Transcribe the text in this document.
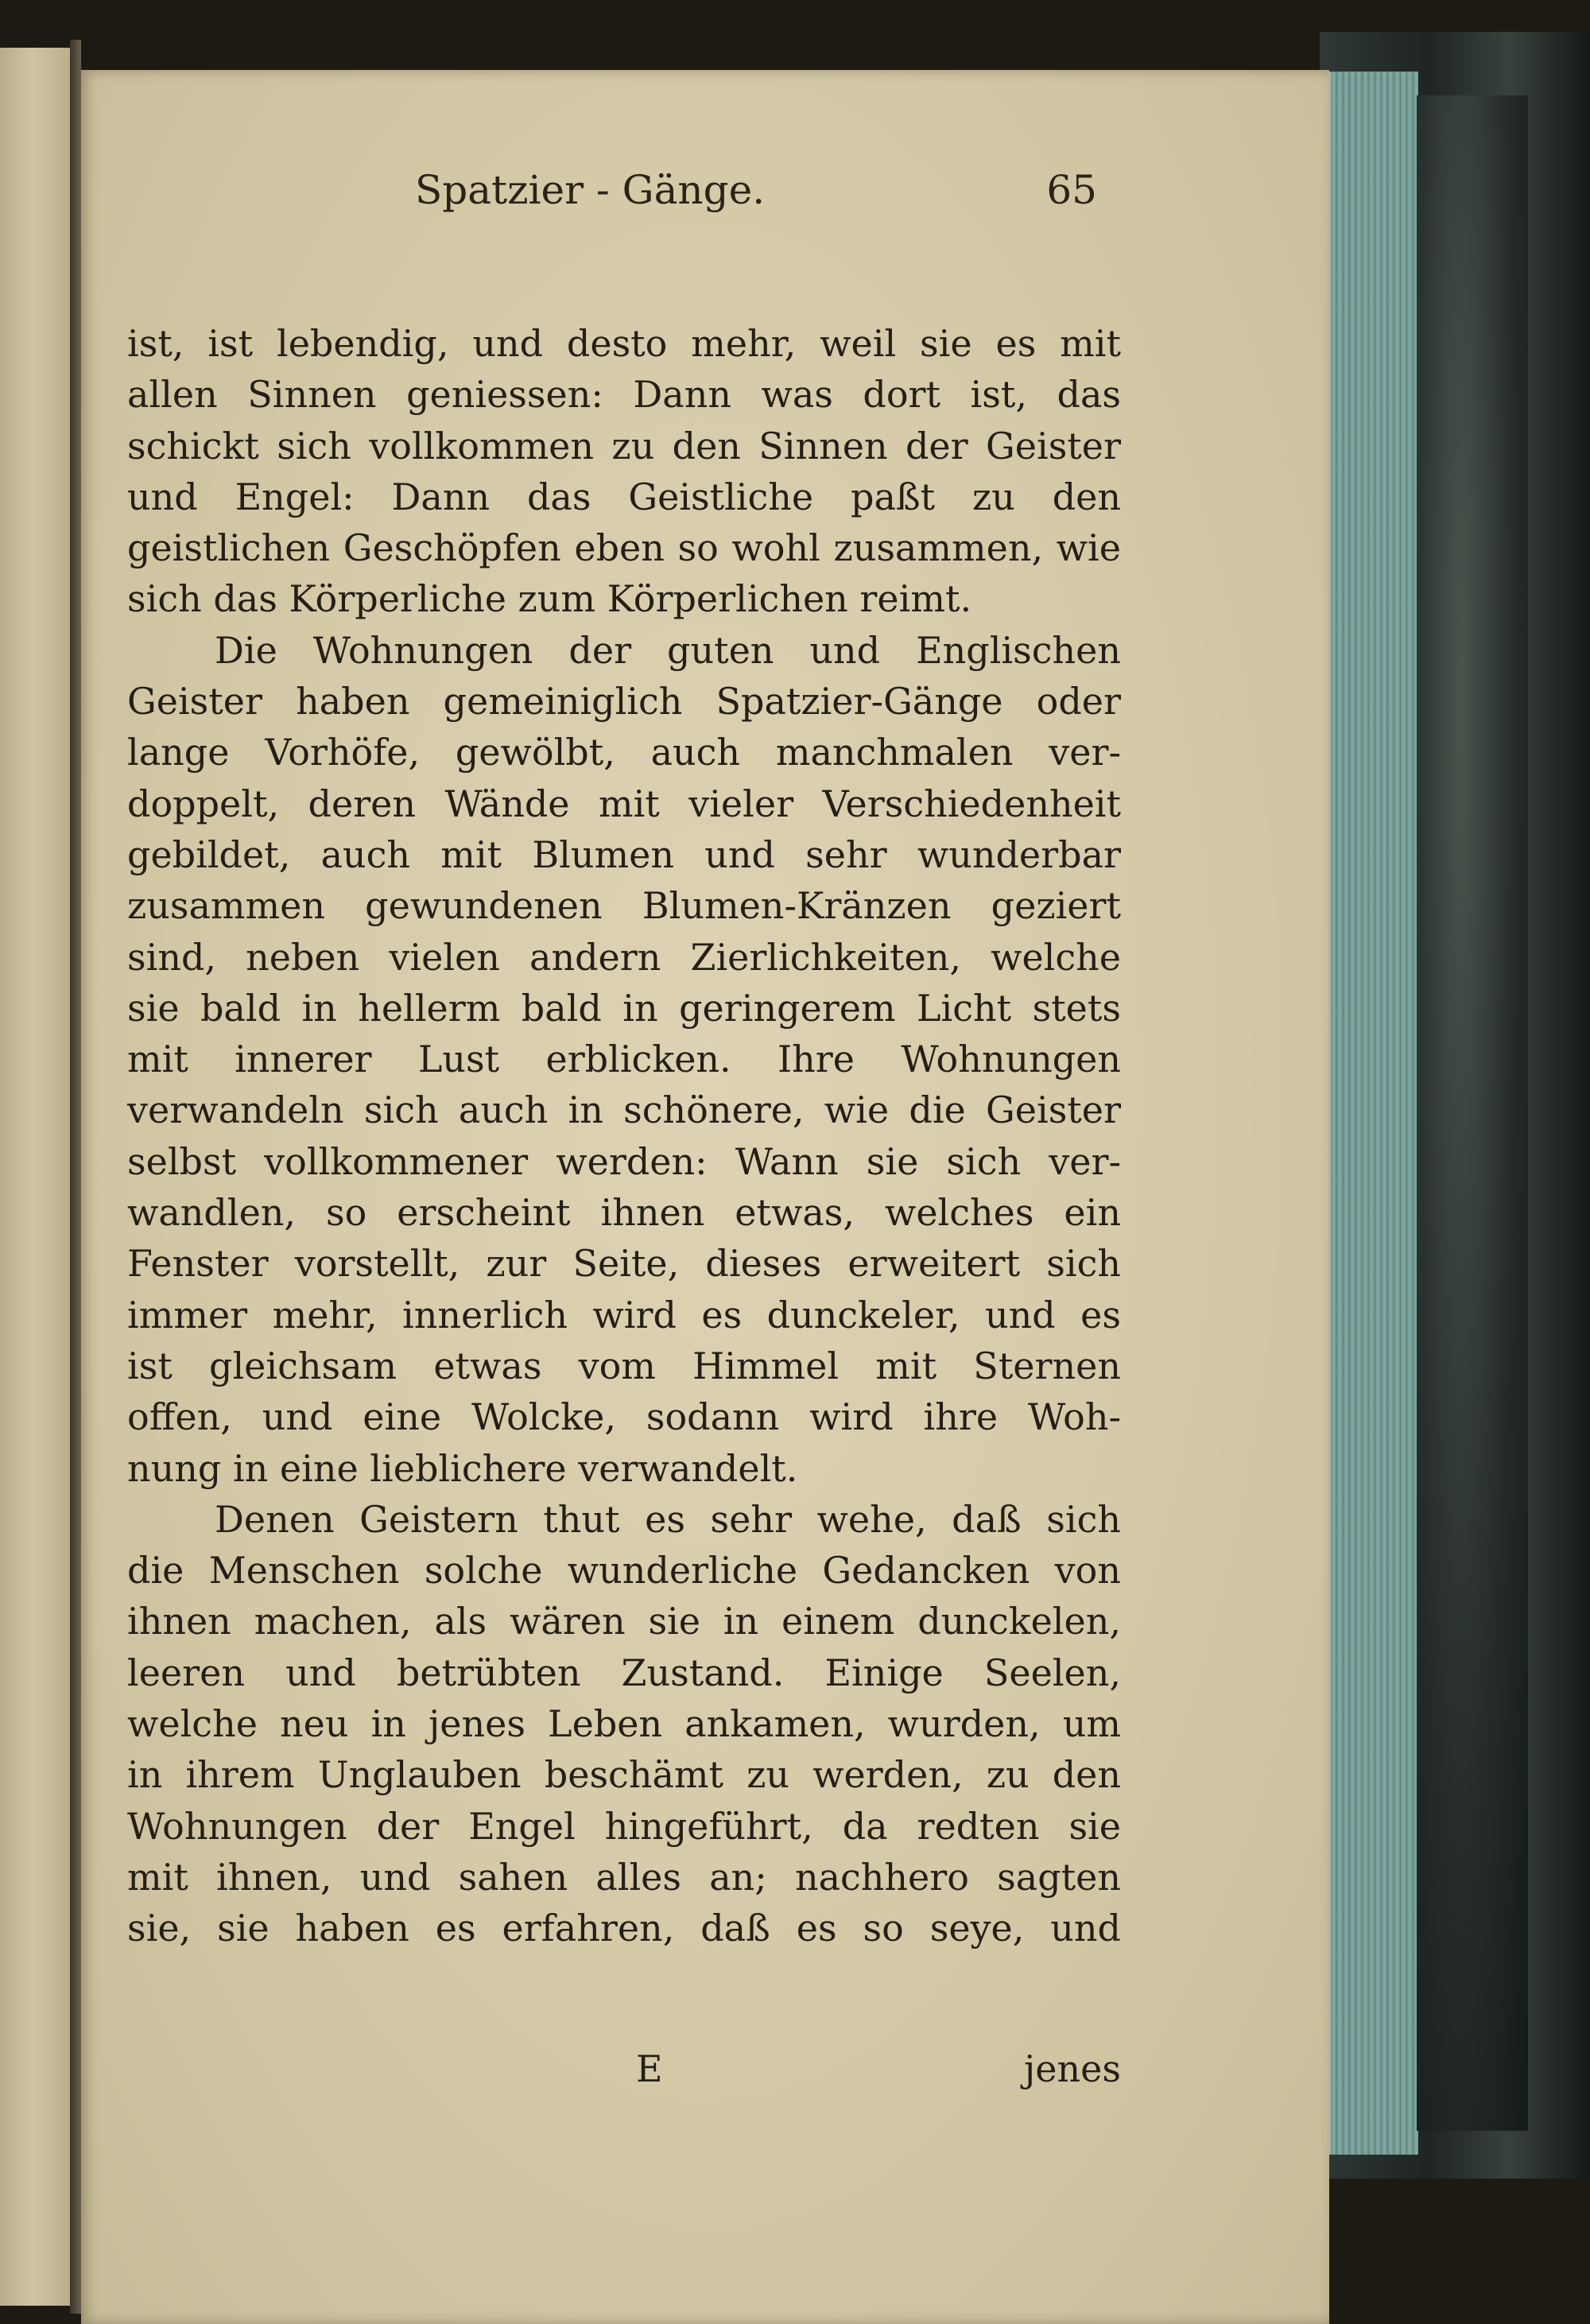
Spatzier - Gänge.	65
ist, ist lebendig, und desto mehr, weil sie es mit
allen Sinnen geniessen: Dann was dort ist, das
schickt sich vollkommen zu den Sinnen der Geister
und Engel: Dann das Geistliche paßt zu den
geistlichen Geschöpfen eben so wohl zusammen, wie
sich das Körperliche zum Körperlichen reimt.
Die Wohnungen der guten und Englischen
Geister haben gemeiniglich Spatzier-Gänge oder
lange Vorhöfe, gewölbt, auch manchmalen ver-
doppelt, deren Wände mit vieler Verschiedenheit
gebildet, auch mit Blumen und sehr wunderbar
zusammen gewundenen Blumen-Kränzen geziert
sind, neben vielen andern Zierlichkeiten, welche
sie bald in hellerm bald in geringerem Licht stets
mit innerer Lust erblicken. Ihre Wohnungen
verwandeln sich auch in schönere, wie die Geister
selbst vollkommener werden: Wann sie sich ver-
wandlen, so erscheint ihnen etwas, welches ein
Fenster vorstellt, zur Seite, dieses erweitert sich
immer mehr, innerlich wird es dunckeler, und es
ist gleichsam etwas vom Himmel mit Sternen
offen, und eine Wolcke, sodann wird ihre Woh-
nung in eine lieblichere verwandelt.
Denen Geistern thut es sehr wehe, daß sich
die Menschen solche wunderliche Gedancken von
ihnen machen, als wären sie in einem dunckelen,
leeren und betrübten Zustand. Einige Seelen,
welche neu in jenes Leben ankamen, wurden, um
in ihrem Unglauben beschämt zu werden, zu den
Wohnungen der Engel hingeführt, da redten sie
mit ihnen, und sahen alles an; nachhero sagten
sie, sie haben es erfahren, daß es so seye, und
E	jenes
